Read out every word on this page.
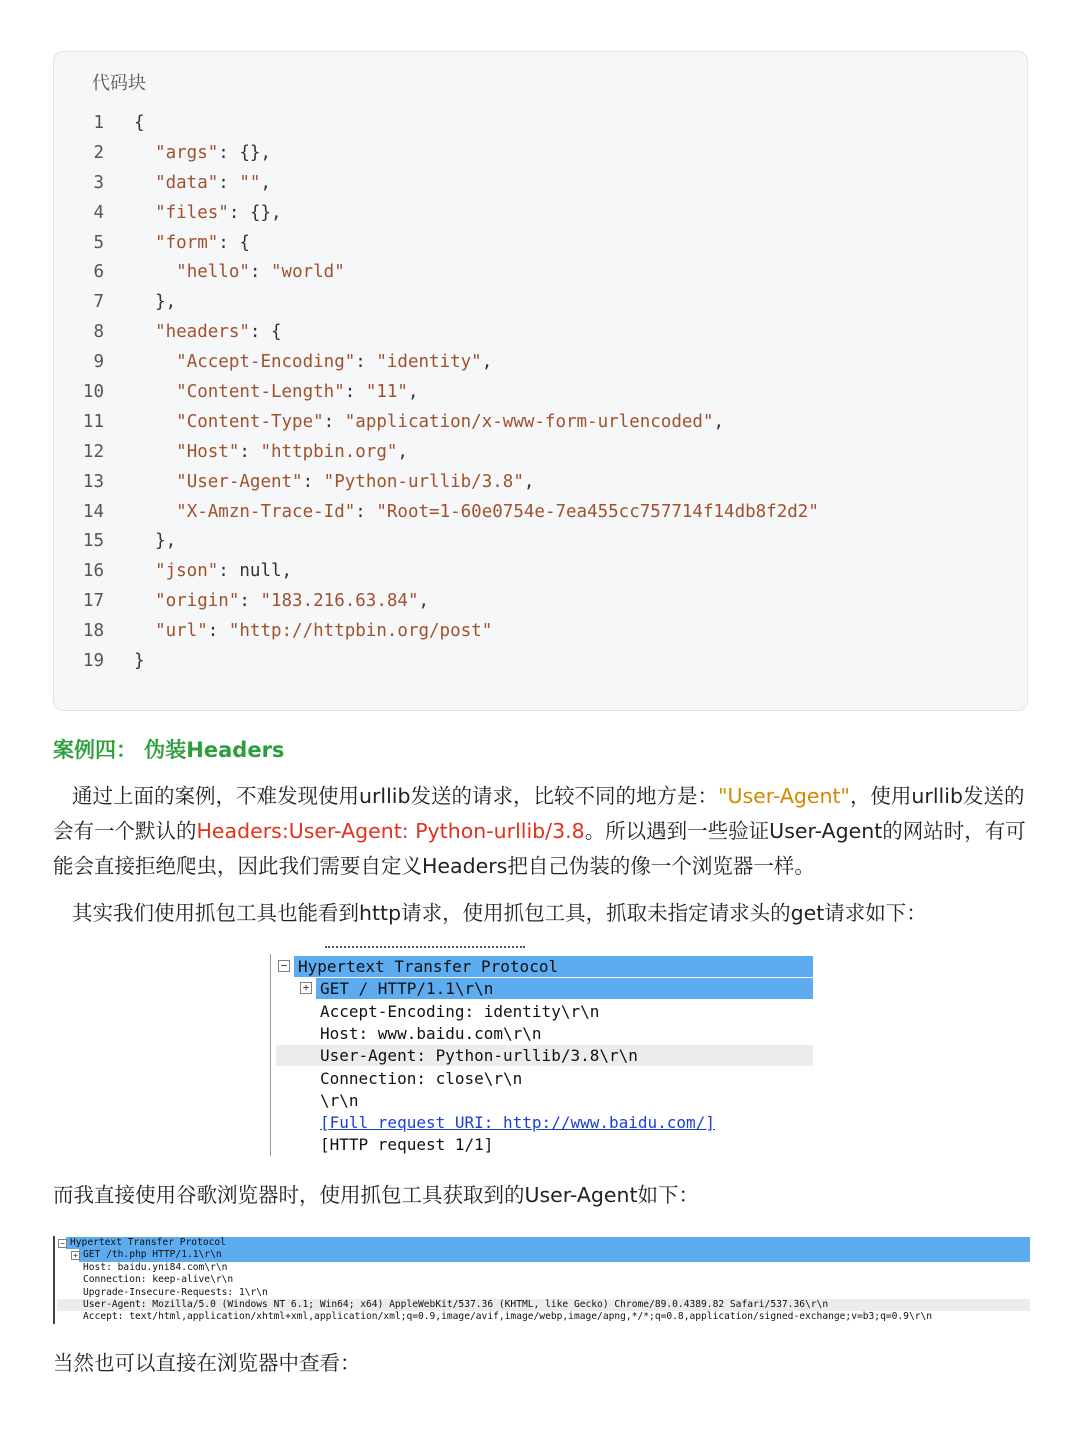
代码块
1 {
2	"args": {},
3	"data": "",
4	"files": {},
5	"form": {
6	"hello": "world"
7 },
8	"headers": {
9	"Accept-Encoding": "identity",
10	"Content-Length": "11",
11	"Content-Type": "application/x-www-form-urlencoded",
12	"Host": "httpbin.org",
13	"User-Agent": "Python-urllib/3.8",
14	"X-Amzn-Trace-Id": "Root=1-60e0754e-7ea455cc757714f14db8f2d2"
15 },
16	"json": null,
17	"origin": "183.216.63.84",
18	"url": "http://httpbin.org/post"
19 }
案例四： 伪装Headers
通过上面的案例，不难发现使用urllib发送的请求，比较不同的地方是："User-Agent"，使用urllib发送的会有一个默认的Headers:User-Agent: Python-urllib/3.8。所以遇到一些验证User-Agent的网站时，有可能会直接拒绝爬虫，因此我们需要自定义Headers把自己伪装的像一个浏览器一样。
其实我们使用抓包工具也能看到http请求，使用抓包工具，抓取未指定请求头的get请求如下：
− Hypertext Transfer Protocol
+ GET / HTTP/1.1\r\n
Accept-Encoding: identity\r\n
Host: www.baidu.com\r\n
User-Agent: Python-urllib/3.8\r\n
Connection: close\r\n
\r\n
[Full request URI: http://www.baidu.com/]
[HTTP request 1/1]
而我直接使用谷歌浏览器时，使用抓包工具获取到的User-Agent如下：
− Hypertext Transfer Protocol
+ GET /th.php HTTP/1.1\r\n
Host: baidu.yni84.com\r\n
Connection: keep-alive\r\n
Upgrade-Insecure-Requests: 1\r\n
User-Agent: Mozilla/5.0 (Windows NT 6.1; Win64; x64) AppleWebKit/537.36 (KHTML, like Gecko) Chrome/89.0.4389.82 Safari/537.36\r\n
Accept: text/html,application/xhtml+xml,application/xml;q=0.9,image/avif,image/webp,image/apng,*/*;q=0.8,application/signed-exchange;v=b3;q=0.9\r\n
当然也可以直接在浏览器中查看：
